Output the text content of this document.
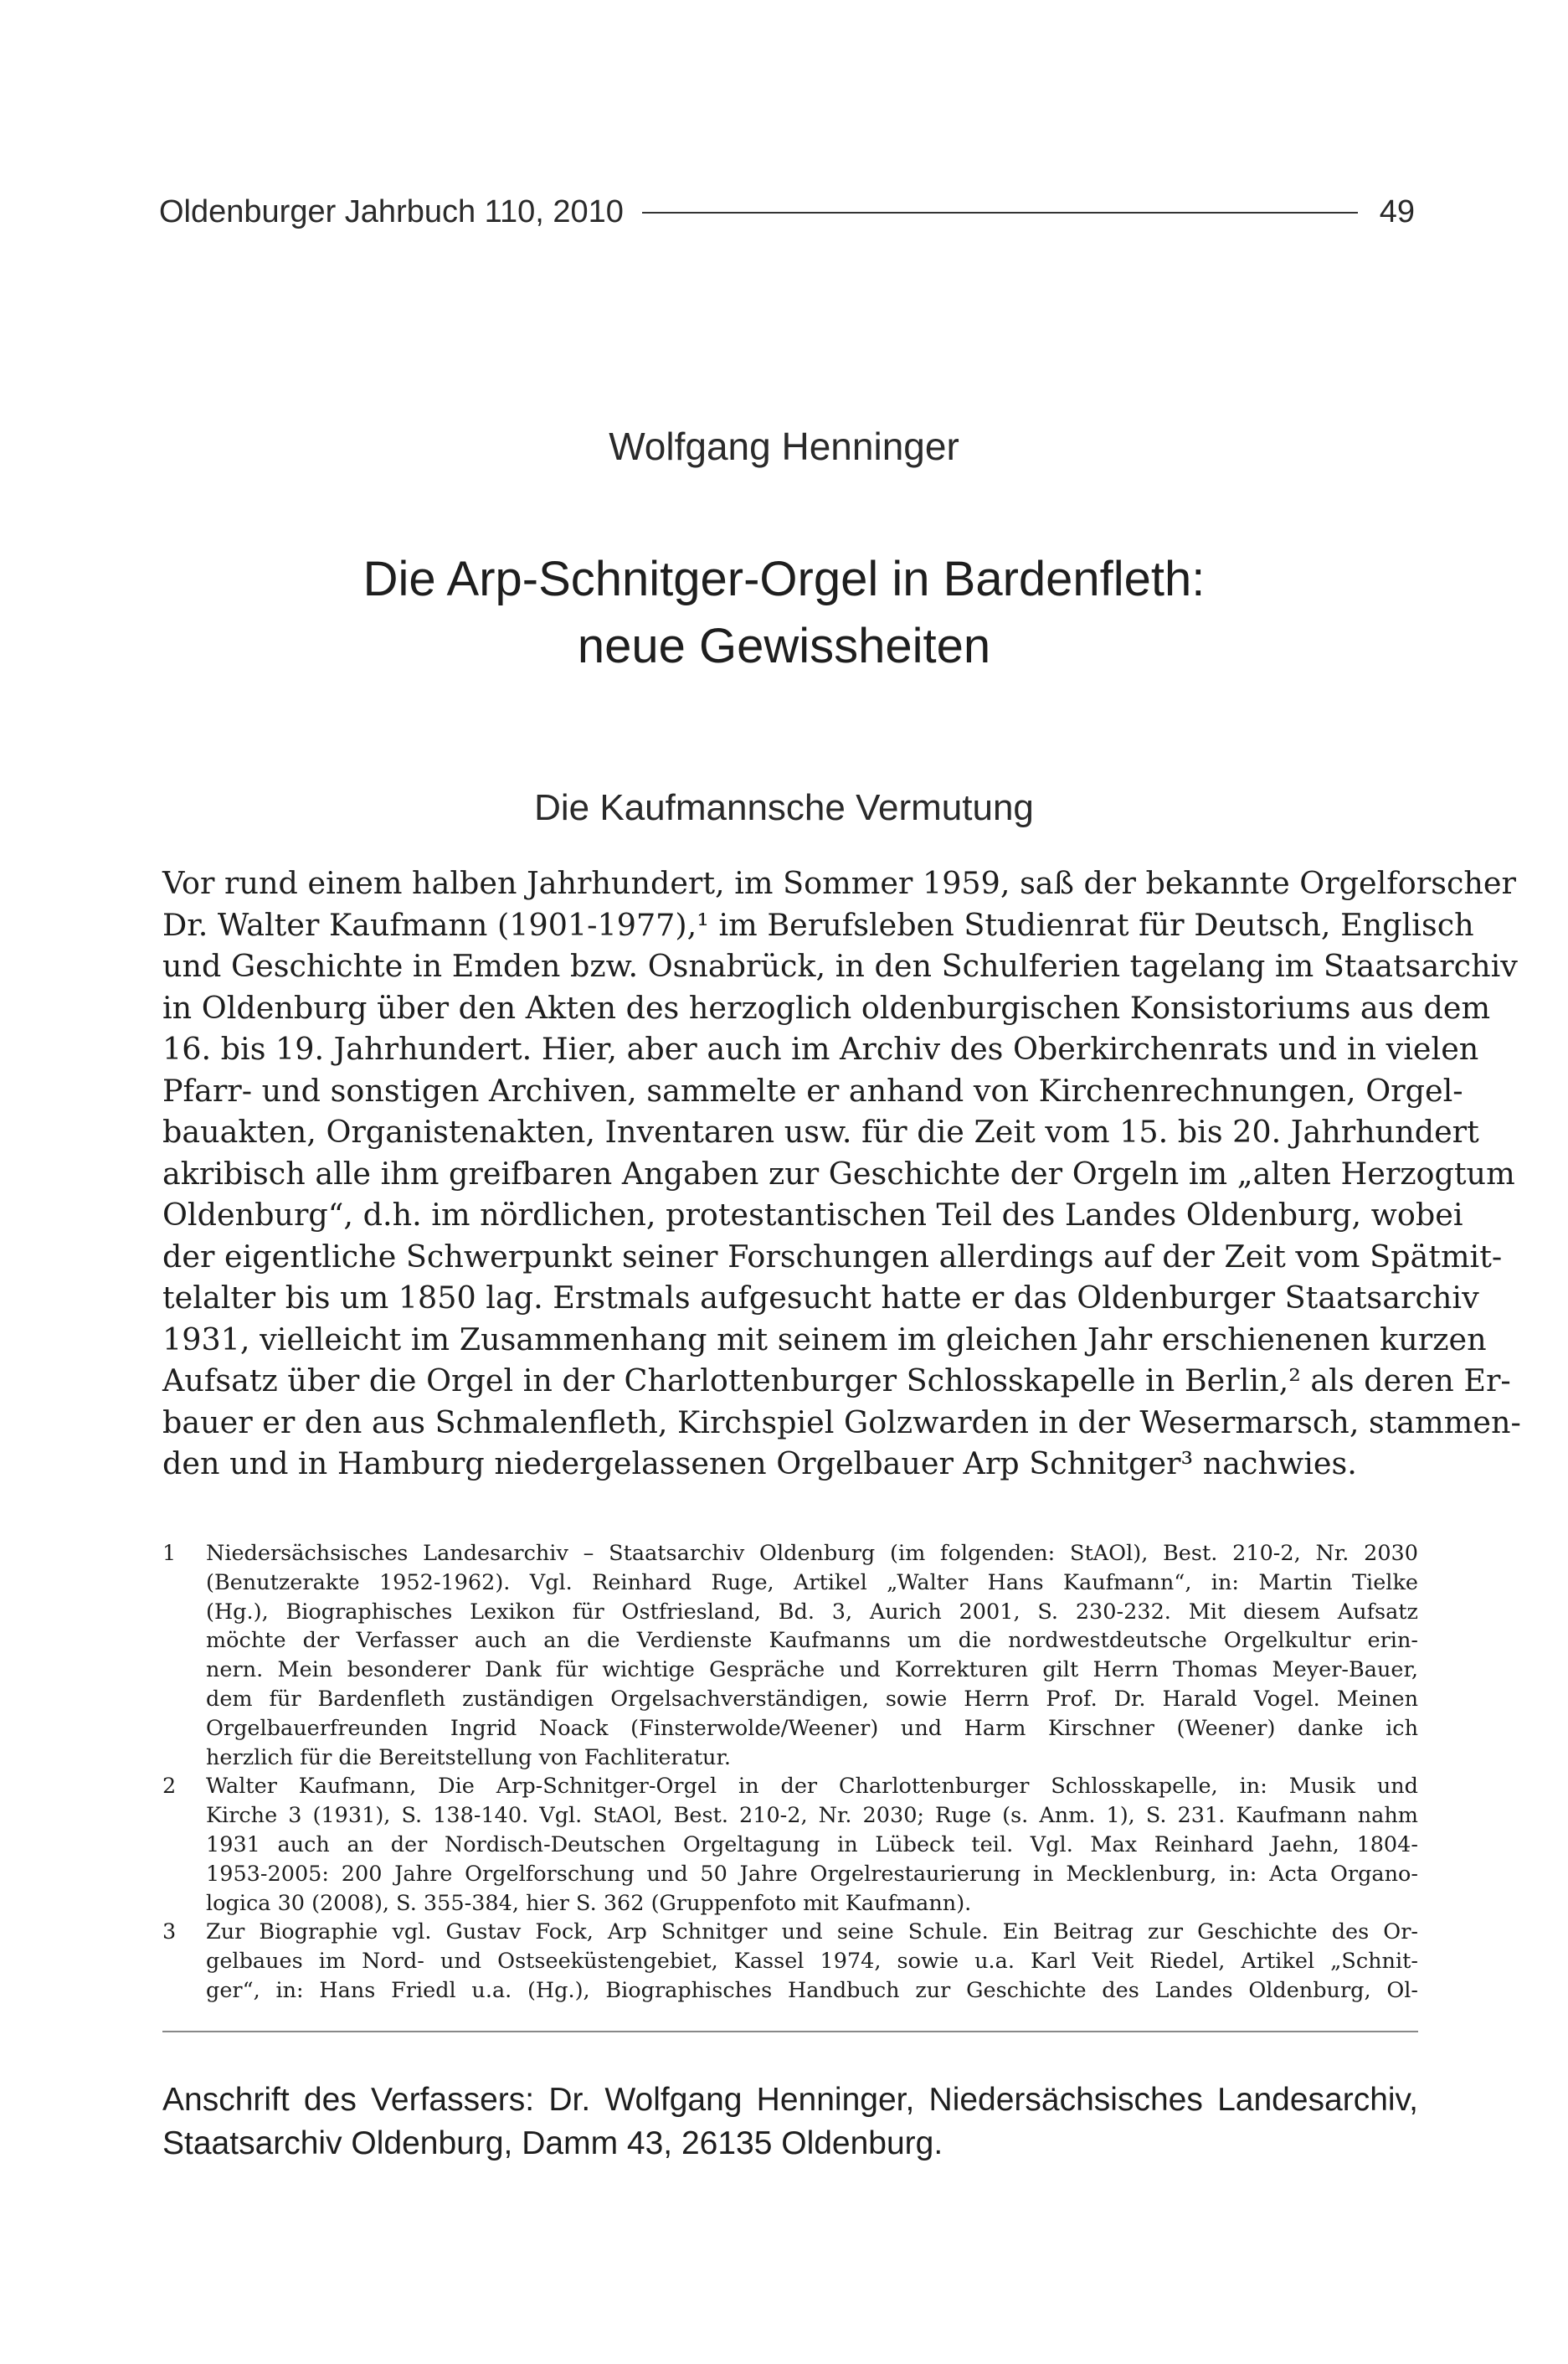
Oldenburger Jahrbuch 110, 2010	49
Wolfgang Henninger
Die Arp-Schnitger-Orgel in Bardenfleth:
neue Gewissheiten
Die Kaufmannsche Vermutung
Vor rund einem halben Jahrhundert, im Sommer 1959, saß der bekannte Orgelforscher
Dr. Walter Kaufmann (1901-1977),¹ im Berufsleben Studienrat für Deutsch, Englisch
und Geschichte in Emden bzw. Osnabrück, in den Schulferien tagelang im Staatsarchiv
in Oldenburg über den Akten des herzoglich oldenburgischen Konsistoriums aus dem
16. bis 19. Jahrhundert. Hier, aber auch im Archiv des Oberkirchenrats und in vielen
Pfarr- und sonstigen Archiven, sammelte er anhand von Kirchenrechnungen, Orgel-
bauakten, Organistenakten, Inventaren usw. für die Zeit vom 15. bis 20. Jahrhundert
akribisch alle ihm greifbaren Angaben zur Geschichte der Orgeln im „alten Herzogtum
Oldenburg“, d.h. im nördlichen, protestantischen Teil des Landes Oldenburg, wobei
der eigentliche Schwerpunkt seiner Forschungen allerdings auf der Zeit vom Spätmit-
telalter bis um 1850 lag. Erstmals aufgesucht hatte er das Oldenburger Staatsarchiv
1931, vielleicht im Zusammenhang mit seinem im gleichen Jahr erschienenen kurzen
Aufsatz über die Orgel in der Charlottenburger Schlosskapelle in Berlin,² als deren Er-
bauer er den aus Schmalenfleth, Kirchspiel Golzwarden in der Wesermarsch, stammen-
den und in Hamburg niedergelassenen Orgelbauer Arp Schnitger³ nachwies.
1 Niedersächsisches Landesarchiv – Staatsarchiv Oldenburg (im folgenden: StAOl), Best. 210-2, Nr. 2030
(Benutzerakte 1952-1962). Vgl. Reinhard Ruge, Artikel „Walter Hans Kaufmann“, in: Martin Tielke
(Hg.), Biographisches Lexikon für Ostfriesland, Bd. 3, Aurich 2001, S. 230-232. Mit diesem Aufsatz
möchte der Verfasser auch an die Verdienste Kaufmanns um die nordwestdeutsche Orgelkultur erin-
nern. Mein besonderer Dank für wichtige Gespräche und Korrekturen gilt Herrn Thomas Meyer-Bauer,
dem für Bardenfleth zuständigen Orgelsachverständigen, sowie Herrn Prof. Dr. Harald Vogel. Meinen
Orgelbauerfreunden Ingrid Noack (Finsterwolde/Weener) und Harm Kirschner (Weener) danke ich
herzlich für die Bereitstellung von Fachliteratur.
2 Walter Kaufmann, Die Arp-Schnitger-Orgel in der Charlottenburger Schlosskapelle, in: Musik und
Kirche 3 (1931), S. 138-140. Vgl. StAOl, Best. 210-2, Nr. 2030; Ruge (s. Anm. 1), S. 231. Kaufmann nahm
1931 auch an der Nordisch-Deutschen Orgeltagung in Lübeck teil. Vgl. Max Reinhard Jaehn, 1804-
1953-2005: 200 Jahre Orgelforschung und 50 Jahre Orgelrestaurierung in Mecklenburg, in: Acta Organo-
logica 30 (2008), S. 355-384, hier S. 362 (Gruppenfoto mit Kaufmann).
3 Zur Biographie vgl. Gustav Fock, Arp Schnitger und seine Schule. Ein Beitrag zur Geschichte des Or-
gelbaues im Nord- und Ostseeküstengebiet, Kassel 1974, sowie u.a. Karl Veit Riedel, Artikel „Schnit-
ger“, in: Hans Friedl u.a. (Hg.), Biographisches Handbuch zur Geschichte des Landes Oldenburg, Ol-
Anschrift des Verfassers: Dr. Wolfgang Henninger, Niedersächsisches Landesarchiv,
Staatsarchiv Oldenburg, Damm 43, 26135 Oldenburg.
